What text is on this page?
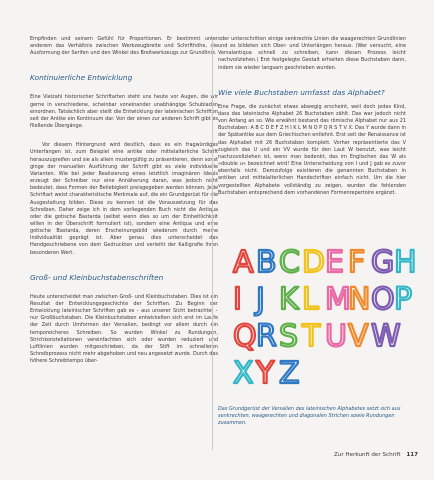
Empfinden und seinem Gefühl für Proportionen. Er bestimmt unter anderem das Verhältnis zwischen Werkzeugbreite und Schrifthöhe, die Ausformung der Serifen und den Winkel des Breitwerkzeugs zur Grundlinie.

Kontinuierliche Entwicklung

Eine Vielzahl historischer Schriftarten steht uns heute vor Augen, die wir gerne in verschiedene, scheinbar voneinander unabhängige Schubladen einordnen. Tatsächlich aber stellt die Entwicklung der lateinischen Schriften seit der Antike ein Kontinuum dar. Von der einen zur anderen Schrift gibt es fließende Übergänge.

Vor diesem Hintergrund wird deutlich, dass es ein fragwürdiges Unterfangen ist, zum Beispiel eine antike oder mittelalterliche Schrift herauszugreifen und sie als allein mustergültig zu präsentieren, denn sonst ginge der manuellen Ausführung der Schrift gibt es viele individuelle Varianten. Wie bei jeder Realisierung eines letztlich imaginären Ideals erzeugt der Schreiber nur eine Annäherung daran, was jedoch nicht bedeutet, dass Formen der Beliebigkeit preisgegeben werden können. Jede Schriftart weist charakteristische Merkmale auf, die ein Grundgerüst für die Ausgestaltung bilden. Diese zu kennen ist die Voraussetzung für das Schreiben. Daher zeige ich in dem vorliegenden Buch nicht die Antiqua oder die gotische Bastarda (selbst wenn dies so um der Einheitlichkeit willen in der Überschrift formuliert ist), sondern eine Antiqua und eine gotische Bastarda, deren Erscheinungsbild wiederum durch meine Individualität geprägt ist. Aber genau dies unterscheidet das Handgeschriebene von dem Gedruckten und verleiht der Kalligrafie ihren besonderen Wert.

Groß- und Kleinbuchstabenschriften

Heute unterscheidet man zwischen Groß- und Kleinbuchstaben. Dies ist ein Resultat der Entwicklungsgeschichte der Schriften. Zu Beginn der Entwicklung lateinischer Schriften gab es – aus unserer Sicht betrachtet – nur Großbuchstaben. Die Kleinbuchstaben entwickelten sich erst im Laufe der Zeit durch Umformen der Versalien, bedingt vor allem durch ein temporeicheres Schreiben. So wurden Winkel zu Rundungen, Strichkonstellationen vereinfachten sich oder wurden reduziert und Luftlinien wurden mitgeschrieben, da der Stift im schnelleren Schreibprozess nicht mehr abgehoben und neu angesetzt wurde. Durch das höhere Schreibtempo über-

oder unterschritten einige senkrechte Linien die waagerechten Grundlinien und es bildeten sich Ober- und Unterlängen heraus. (Wer versucht, eine Versalantiqua schnell zu schreiben, kann diesen Prozess leicht nachvollziehen.) Erst festgelegte Gestalt erhielten diese Buchstaben dann, indem sie wieder langsam geschrieben wurden.

Wie viele Buchstaben umfasst das Alphabet?

Eine Frage, die zunächst etwas abwegig erscheint, weil doch jedes Kind, dass das lateinische Alphabet 26 Buchstaben zählt. Das war jedoch nicht von Anfang an so. Wie erwähnt bestand das römische Alphabet nur aus 21 Buchstaben: A B C D E F Z H I K L M N O P Q R S T V X. Das Y wurde dann in der Spätantike aus dem Griechischen entlehnt. Erst seit der Renaissance ist das Alphabet mit 26 Buchstaben komplett. Vorher repräsentierte das V zugleich das U und ein VV wurde für den Laut W benutzt, was leicht nachzuvollziehen ist, wenn man bedenkt, das im Englischen das W als »double u« bezeichnet wird! Eine Unterscheidung von I und J gab es zuvor ebenfalls nicht. Demzufolge existieren die genannten Buchstaben in antiken und mittelalterlichen Handschriften einfach nicht. Um die hier vorgestellten Alphabete vollständig zu zeigen, wurden die fehlenden Buchstaben entsprechend dem vorhandenen Formenrepertoire ergänzt.

A B C D E F G H
I J K L M
N O P
Q R S T U V W
X Y Z
Das Grundgerüst der Versalien des lateinischen Alphabetes setzt sich aus senkrechten, waagerechten und diagonalen Strichen sowie Rundungen zusammen.
Zur Herkunft der Schrift 117
